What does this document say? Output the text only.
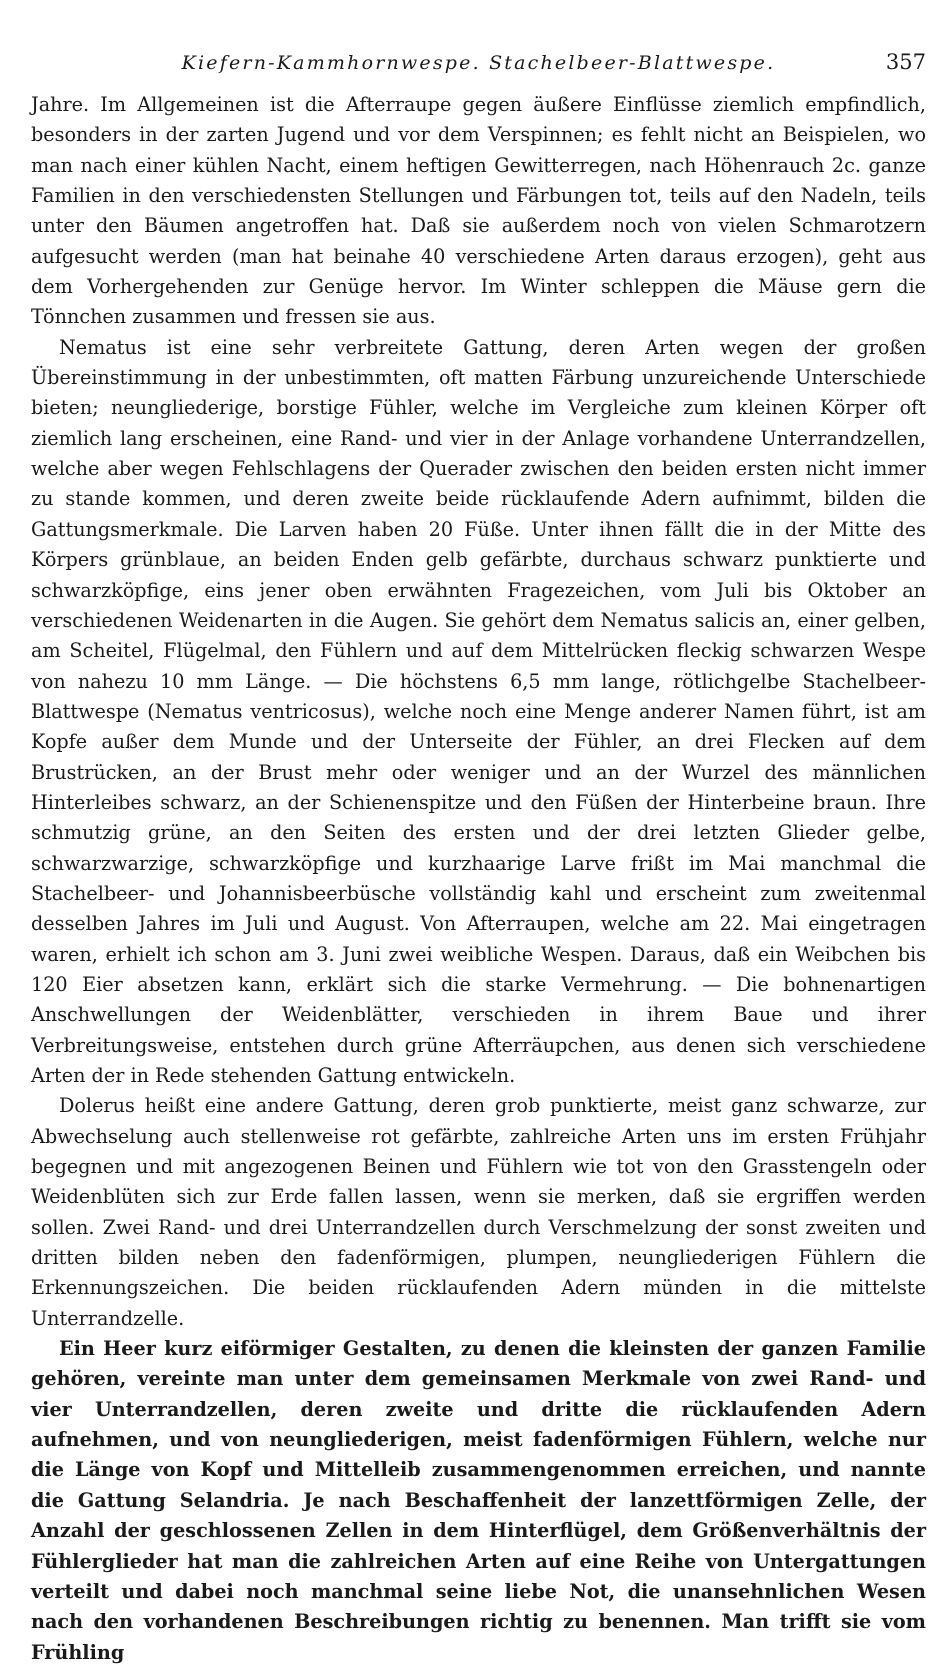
Kiefern-Kammhornwespe. Stachelbeer-Blattwespe.	357

Jahre. Im Allgemeinen ist die Afterraupe gegen äußere Einflüsse ziemlich empfindlich, besonders in der zarten Jugend und vor dem Verspinnen; es fehlt nicht an Beispielen, wo man nach einer kühlen Nacht, einem heftigen Gewitterregen, nach Höhenrauch 2c. ganze Familien in den verschiedensten Stellungen und Färbungen tot, teils auf den Nadeln, teils unter den Bäumen angetroffen hat. Daß sie außerdem noch von vielen Schmarotzern aufgesucht werden (man hat beinahe 40 verschiedene Arten daraus erzogen), geht aus dem Vorhergehenden zur Genüge hervor. Im Winter schleppen die Mäuse gern die Tönnchen zusammen und fressen sie aus.

Nematus ist eine sehr verbreitete Gattung, deren Arten wegen der großen Übereinstimmung in der unbestimmten, oft matten Färbung unzureichende Unterschiede bieten; neungliederige, borstige Fühler, welche im Vergleiche zum kleinen Körper oft ziemlich lang erscheinen, eine Rand- und vier in der Anlage vorhandene Unterrandzellen, welche aber wegen Fehlschlagens der Querader zwischen den beiden ersten nicht immer zu stande kommen, und deren zweite beide rücklaufende Adern aufnimmt, bilden die Gattungsmerkmale. Die Larven haben 20 Füße. Unter ihnen fällt die in der Mitte des Körpers grünblaue, an beiden Enden gelb gefärbte, durchaus schwarz punktierte und schwarzköpfige, eins jener oben erwähnten Fragezeichen, vom Juli bis Oktober an verschiedenen Weidenarten in die Augen. Sie gehört dem Nematus salicis an, einer gelben, am Scheitel, Flügelmal, den Fühlern und auf dem Mittelrücken fleckig schwarzen Wespe von nahezu 10 mm Länge. — Die höchstens 6,5 mm lange, rötlichgelbe Stachelbeer-Blattwespe (Nematus ventricosus), welche noch eine Menge anderer Namen führt, ist am Kopfe außer dem Munde und der Unterseite der Fühler, an drei Flecken auf dem Brustrücken, an der Brust mehr oder weniger und an der Wurzel des männlichen Hinterleibes schwarz, an der Schienenspitze und den Füßen der Hinterbeine braun. Ihre schmutzig grüne, an den Seiten des ersten und der drei letzten Glieder gelbe, schwarzwarzige, schwarzköpfige und kurzhaarige Larve frißt im Mai manchmal die Stachelbeer- und Johannisbeerbüsche vollständig kahl und erscheint zum zweitenmal desselben Jahres im Juli und August. Von Afterraupen, welche am 22. Mai eingetragen waren, erhielt ich schon am 3. Juni zwei weibliche Wespen. Daraus, daß ein Weibchen bis 120 Eier absetzen kann, erklärt sich die starke Vermehrung. — Die bohnenartigen Anschwellungen der Weidenblätter, verschieden in ihrem Baue und ihrer Verbreitungsweise, entstehen durch grüne Afterräupchen, aus denen sich verschiedene Arten der in Rede stehenden Gattung entwickeln.

Dolerus heißt eine andere Gattung, deren grob punktierte, meist ganz schwarze, zur Abwechselung auch stellenweise rot gefärbte, zahlreiche Arten uns im ersten Frühjahr begegnen und mit angezogenen Beinen und Fühlern wie tot von den Grasstengeln oder Weidenblüten sich zur Erde fallen lassen, wenn sie merken, daß sie ergriffen werden sollen. Zwei Rand- und drei Unterrandzellen durch Verschmelzung der sonst zweiten und dritten bilden neben den fadenförmigen, plumpen, neungliederigen Fühlern die Erkennungszeichen. Die beiden rücklaufenden Adern münden in die mittelste Unterrandzelle.

Ein Heer kurz eiförmiger Gestalten, zu denen die kleinsten der ganzen Familie gehören, vereinte man unter dem gemeinsamen Merkmale von zwei Rand- und vier Unterrandzellen, deren zweite und dritte die rücklaufenden Adern aufnehmen, und von neungliederigen, meist fadenförmigen Fühlern, welche nur die Länge von Kopf und Mittelleib zusammengenommen erreichen, und nannte die Gattung Selandria. Je nach Beschaffenheit der lanzettförmigen Zelle, der Anzahl der geschlossenen Zellen in dem Hinterflügel, dem Größenverhältnis der Fühlerglieder hat man die zahlreichen Arten auf eine Reihe von Untergattungen verteilt und dabei noch manchmal seine liebe Not, die unansehnlichen Wesen nach den vorhandenen Beschreibungen richtig zu benennen. Man trifft sie vom Frühling
